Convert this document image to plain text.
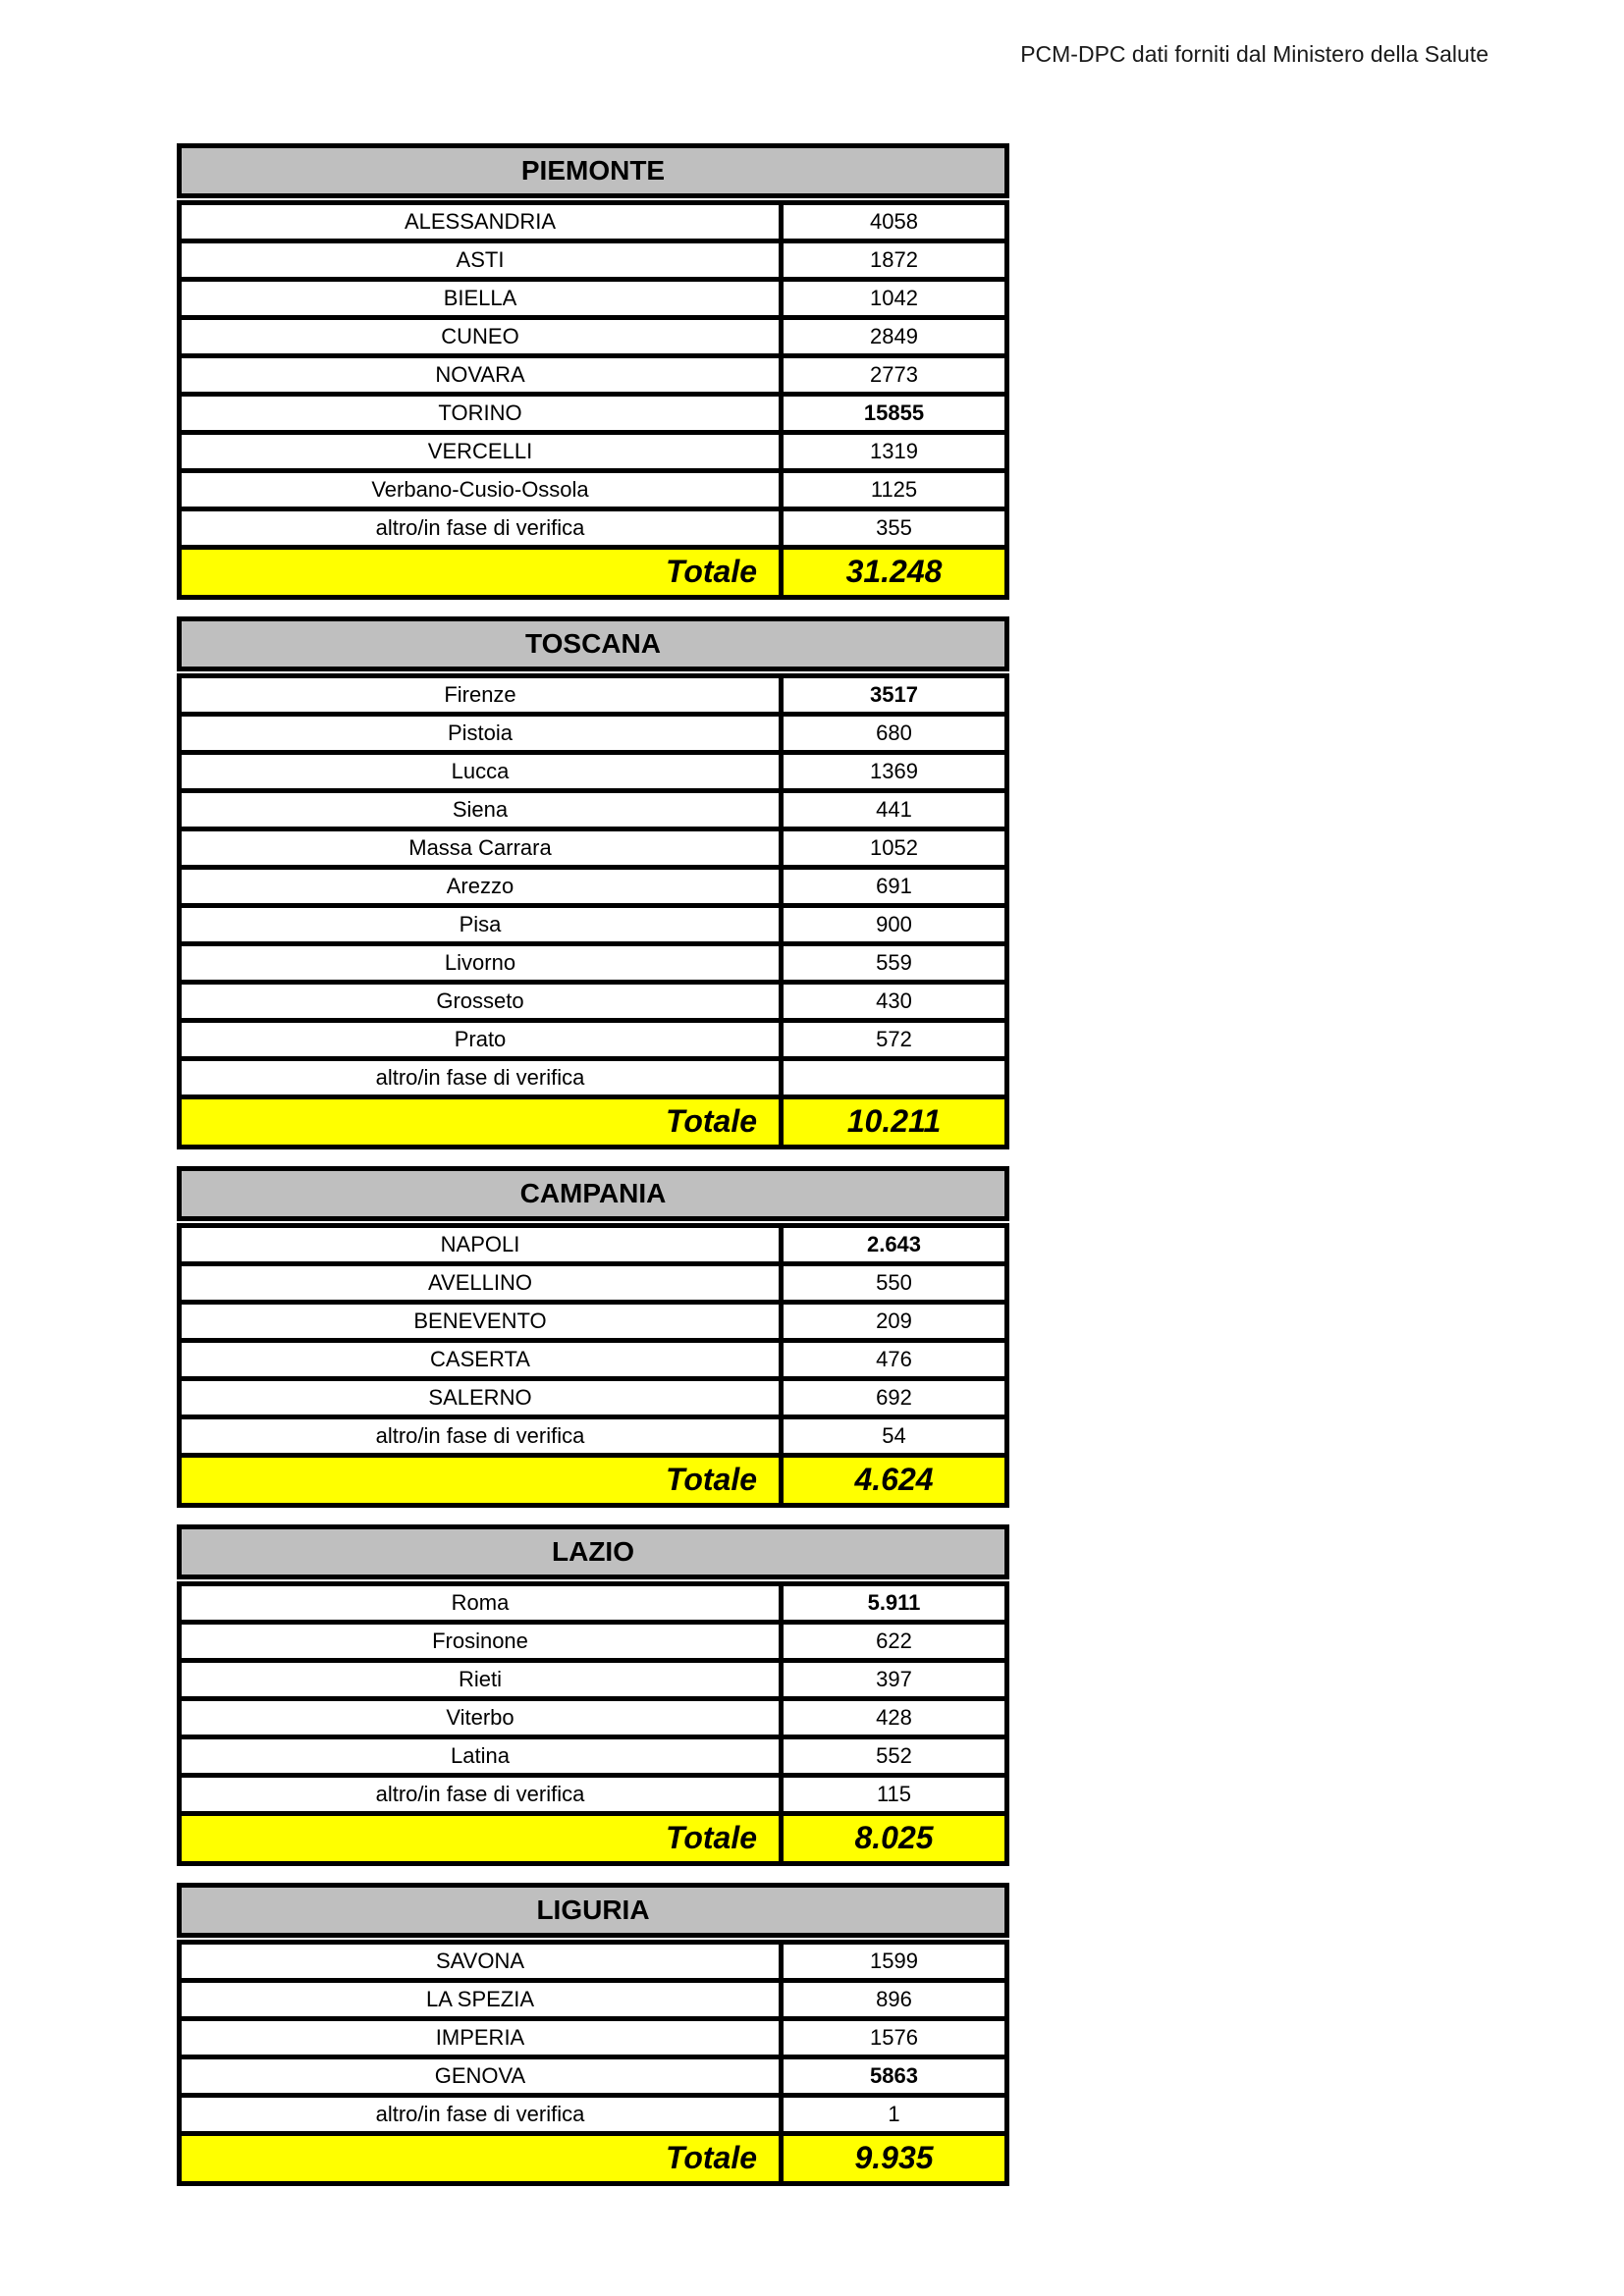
PCM-DPC dati forniti dal Ministero della Salute
PIEMONTE
ALESSANDRIA	4058
ASTI	1872
BIELLA	1042
CUNEO	2849
NOVARA	2773
TORINO	15855
VERCELLI	1319
Verbano-Cusio-Ossola	1125
altro/in fase di verifica	355
Totale	31.248
TOSCANA
Firenze	3517
Pistoia	680
Lucca	1369
Siena	441
Massa Carrara	1052
Arezzo	691
Pisa	900
Livorno	559
Grosseto	430
Prato	572
altro/in fase di verifica
Totale	10.211
CAMPANIA
NAPOLI	2.643
AVELLINO	550
BENEVENTO	209
CASERTA	476
SALERNO	692
altro/in fase di verifica	54
Totale	4.624
LAZIO
Roma	5.911
Frosinone	622
Rieti	397
Viterbo	428
Latina	552
altro/in fase di verifica	115
Totale	8.025
LIGURIA
SAVONA	1599
LA SPEZIA	896
IMPERIA	1576
GENOVA	5863
altro/in fase di verifica	1
Totale	9.935
